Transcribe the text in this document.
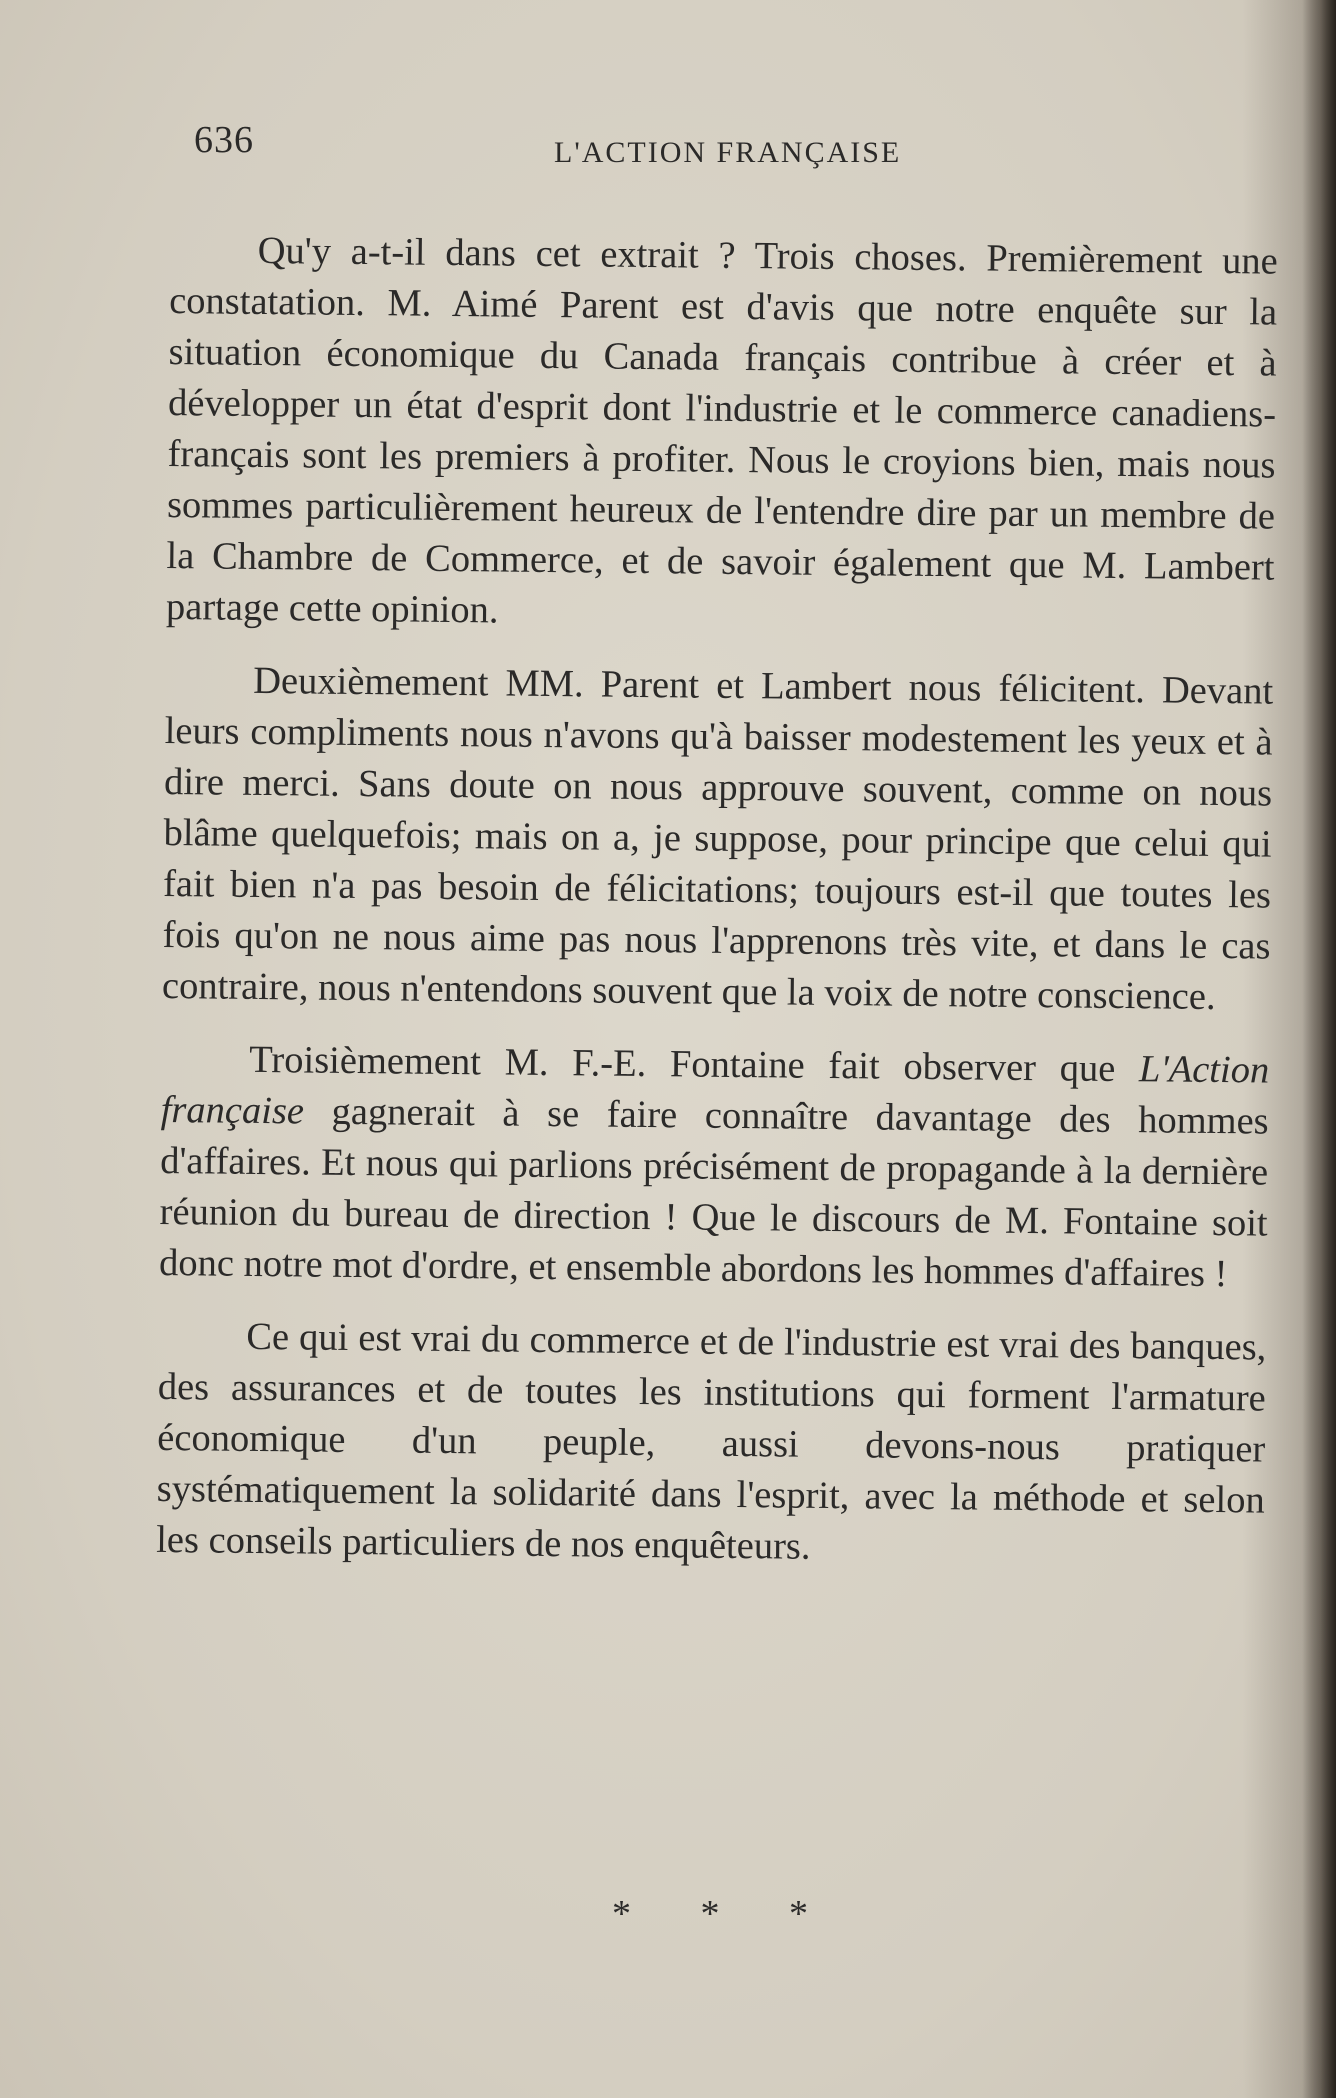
636	L'ACTION FRANÇAISE

Qu'y a-t-il dans cet extrait ? Trois choses. Premièrement une constatation. M. Aimé Parent est d'avis que notre enquête sur la situation économique du Canada français contribue à créer et à développer un état d'esprit dont l'industrie et le commerce canadiens-français sont les premiers à profiter. Nous le croyions bien, mais nous sommes particulièrement heureux de l'entendre dire par un membre de la Chambre de Commerce, et de savoir également que M. Lambert partage cette opinion.

Deuxièmement MM. Parent et Lambert nous félicitent. Devant leurs compliments nous n'avons qu'à baisser modestement les yeux et à dire merci. Sans doute on nous approuve souvent, comme on nous blâme quelquefois; mais on a, je suppose, pour principe que celui qui fait bien n'a pas besoin de félicitations; toujours est-il que toutes les fois qu'on ne nous aime pas nous l'apprenons très vite, et dans le cas contraire, nous n'entendons souvent que la voix de notre conscience.

Troisièmement M. F.-E. Fontaine fait observer que L'Action française gagnerait à se faire connaître davantage des hommes d'affaires. Et nous qui parlions précisément de propagande à la dernière réunion du bureau de direction ! Que le discours de M. Fontaine soit donc notre mot d'ordre, et ensemble abordons les hommes d'affaires !

Ce qui est vrai du commerce et de l'industrie est vrai des banques, des assurances et de toutes les institutions qui forment l'armature économique d'un peuple, aussi devons-nous pratiquer systématiquement la solidarité dans l'esprit, avec la méthode et selon les conseils particuliers de nos enquêteurs.

* * *
